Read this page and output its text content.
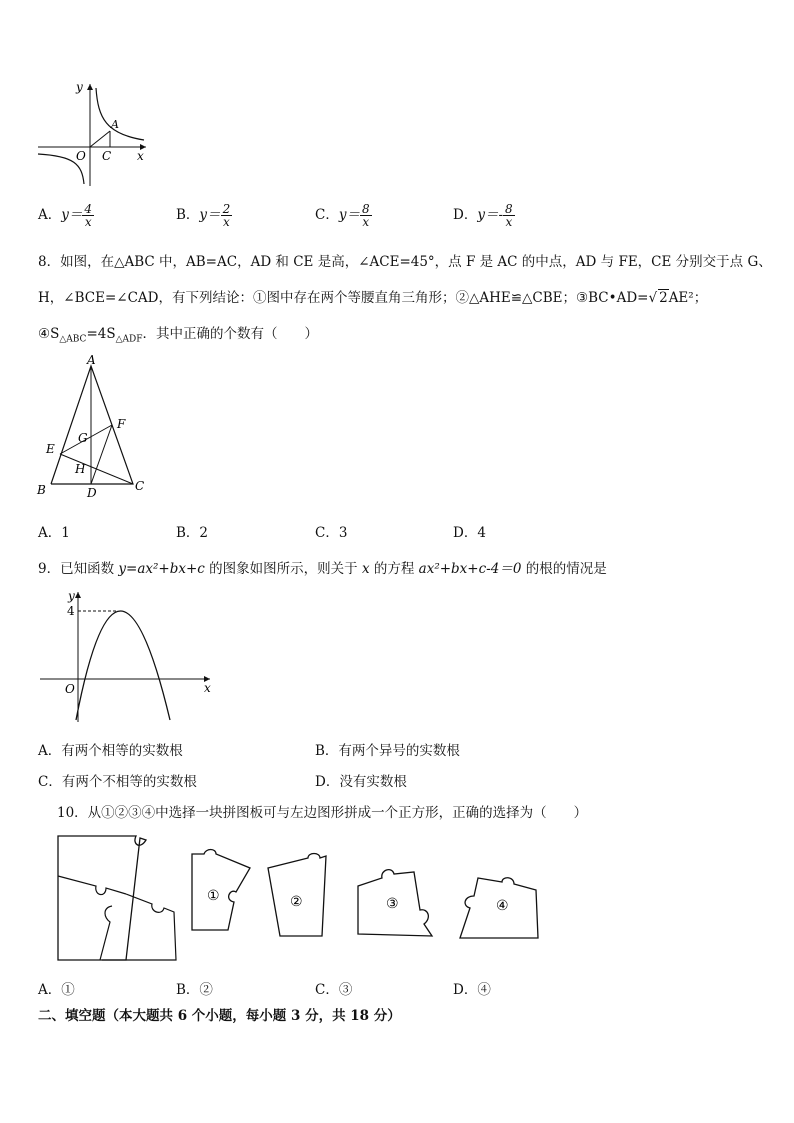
y
x
O
A
C
A．$y= \frac{4}{x}$	B．$y= \frac{2}{x}$	C．$y= \frac{8}{x}$	D．$y=- \frac{8}{x}$
8．如图，在△ABC 中，AB=AC，AD 和 CE 是高，∠ACE=45°，点 F 是 AC 的中点，AD 与 FE，CE 分别交于点 G、
H，∠BCE=∠CAD，有下列结论：①图中存在两个等腰直角三角形；②△AHE≌△CBE；③BC•AD=√ 2AE²；
$④S_{\triangle ABC}=4S_{\triangle ADF}$．其中正确的个数有（　　）
A
B	C
D
E
F
G
H
A．1	B．2	C．3	D．4
9．已知函数 y=ax²+bx+c 的图象如图所示，则关于 x 的方程 ax²+bx+c-4＝0 的根的情况是
y
x
O
4
A．有两个相等的实数根	B．有两个异号的实数根
C．有两个不相等的实数根	D．没有实数根
10．从①②③④中选择一块拼图板可与左边图形拼成一个正方形，正确的选择为（　　）
①	②	③	④
A．①	B．②	C．③	D．④
二、填空题（本大题共 6 个小题，每小题 3 分，共 18 分）
